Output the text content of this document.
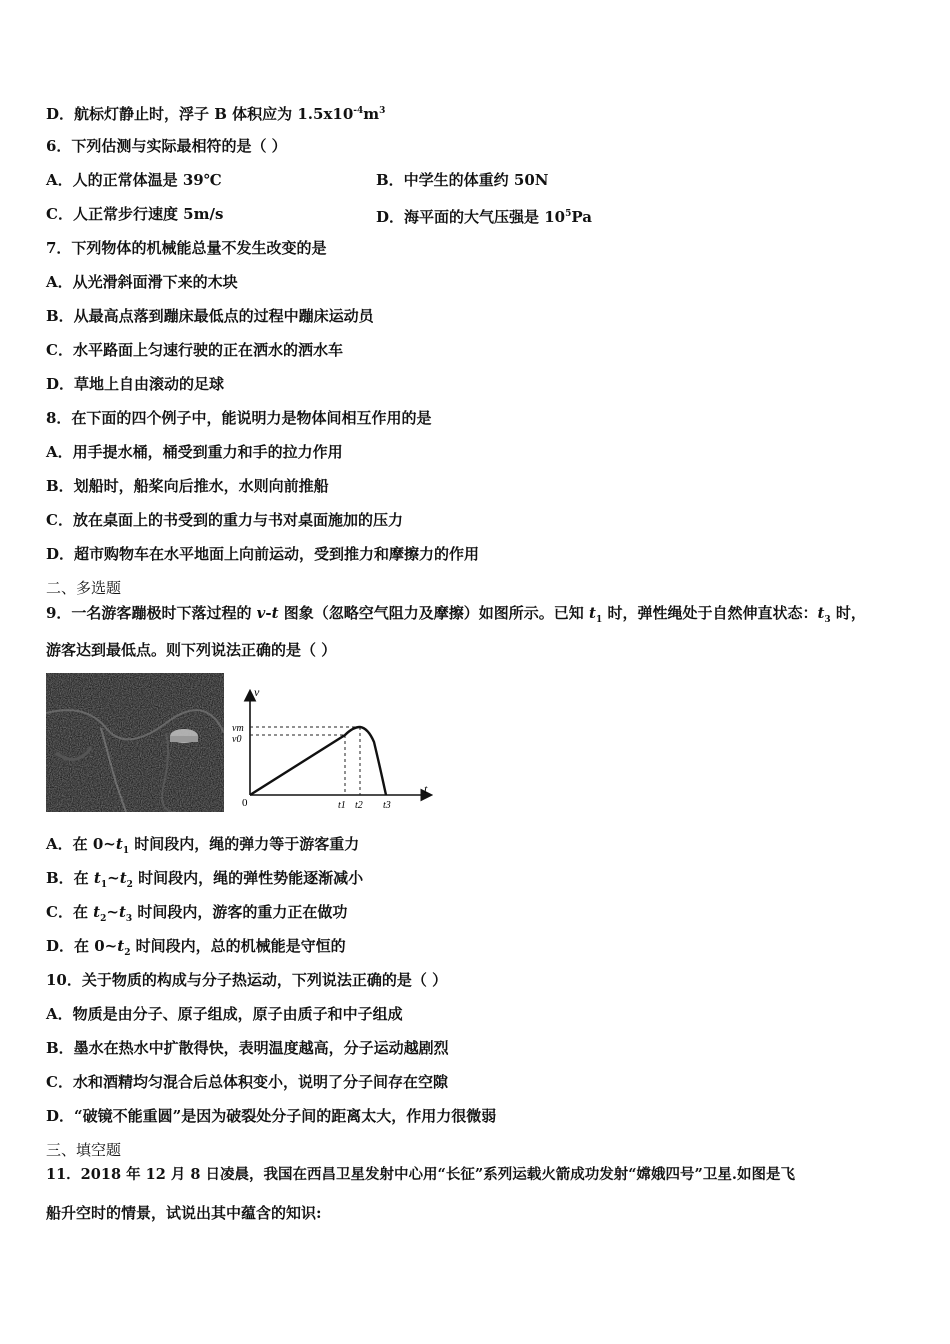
D．航标灯静止时，浮子 B 体积应为 $1.5x10^{-4}m^3$
6．下列估测与实际最相符的是（ ）
A．人的正常体温是 39℃	B．中学生的体重约 50N
C．人正常步行速度 5m/s	D．海平面的大气压强是 $10^5Pa$
7．下列物体的机械能总量不发生改变的是
A．从光滑斜面滑下来的木块
B．从最高点落到蹦床最低点的过程中蹦床运动员
C．水平路面上匀速行驶的正在洒水的洒水车
D．草地上自由滚动的足球
8．在下面的四个例子中，能说明力是物体间相互作用的是
A．用手提水桶，桶受到重力和手的拉力作用
B．划船时，船桨向后推水，水则向前推船
C．放在桌面上的书受到的重力与书对桌面施加的压力
D．超市购物车在水平地面上向前运动，受到推力和摩擦力的作用
二、多选题
9．一名游客蹦极时下落过程的 v-t 图象（忽略空气阻力及摩擦）如图所示。已知 $t_1$ 时，弹性绳处于自然伸直状态：$t_3$ 时，
游客达到最低点。则下列说法正确的是（ ）
v
t
vm
v0
0	t1 t2 t3
A．在 $0\sim t_1$ 时间段内，绳的弹力等于游客重力
B．在 $t_1\sim t_2$ 时间段内，绳的弹性势能逐渐减小
C．在 $t_2\sim t_3$ 时间段内，游客的重力正在做功
D．在 $0\sim t_2$ 时间段内，总的机械能是守恒的
10．关于物质的构成与分子热运动，下列说法正确的是（ ）
A．物质是由分子、原子组成，原子由质子和中子组成
B．墨水在热水中扩散得快，表明温度越高，分子运动越剧烈
C．水和酒精均匀混合后总体积变小，说明了分子间存在空隙
D．“破镜不能重圆”是因为破裂处分子间的距离太大，作用力很微弱
三、填空题
11．2018 年 12 月 8 日凌晨，我国在西昌卫星发射中心用“长征”系列运载火箭成功发射“嫦娥四号”卫星.如图是飞
船升空时的情景，试说出其中蕴含的知识:
